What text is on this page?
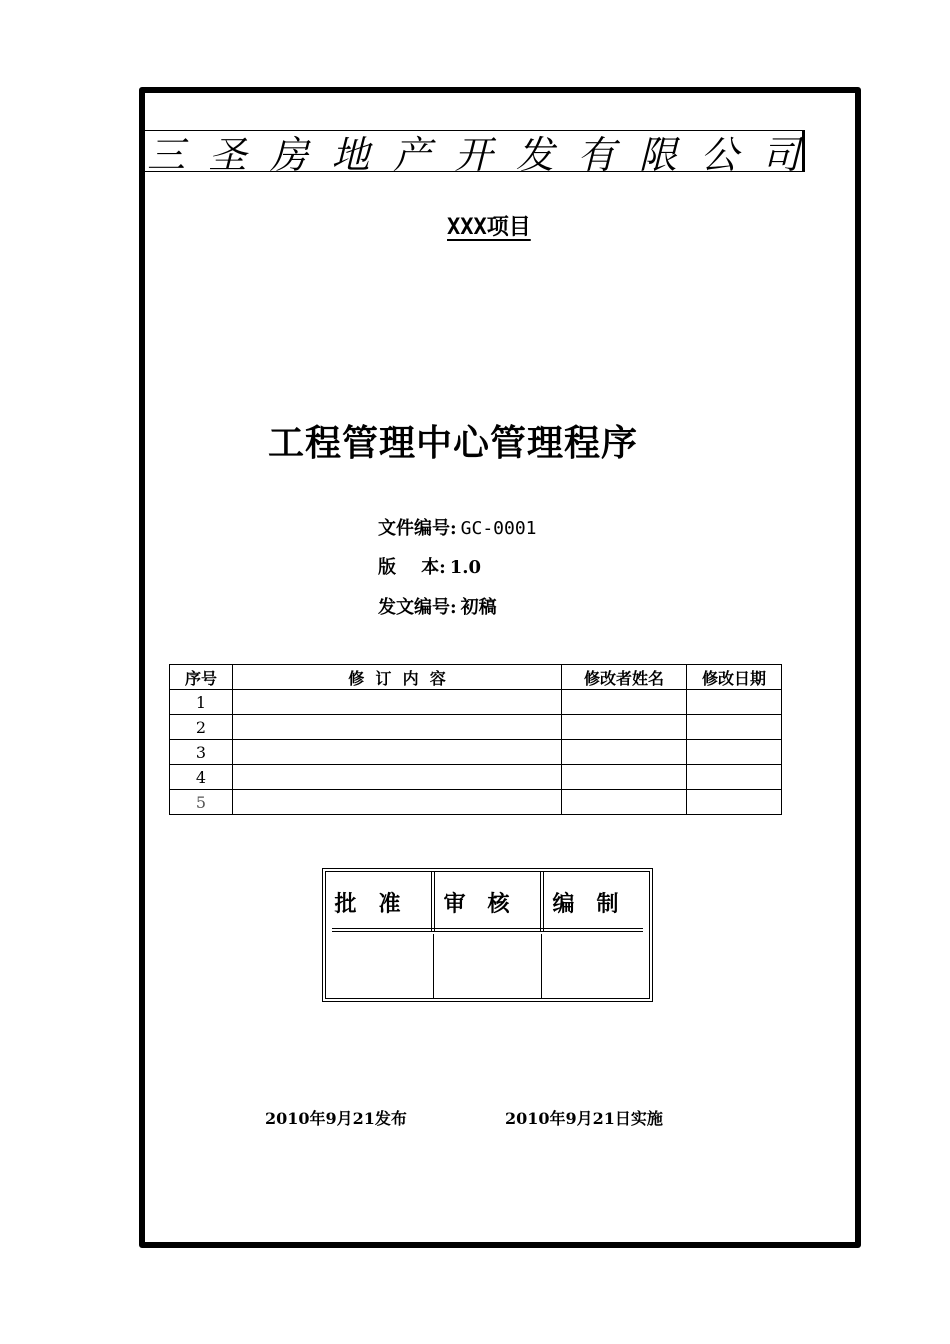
三 圣 房 地 产 开 发 有 限 公 司
XXX项目
工程管理中心管理程序
文件编号: GC-0001
版    本: 1.0
发文编号: 初稿
序号	修  订  内  容	修改者姓名	修改日期
1			
2			
3			
4			
5			
批准 审核 编制
2010年9月21发布	2010年9月21日实施
